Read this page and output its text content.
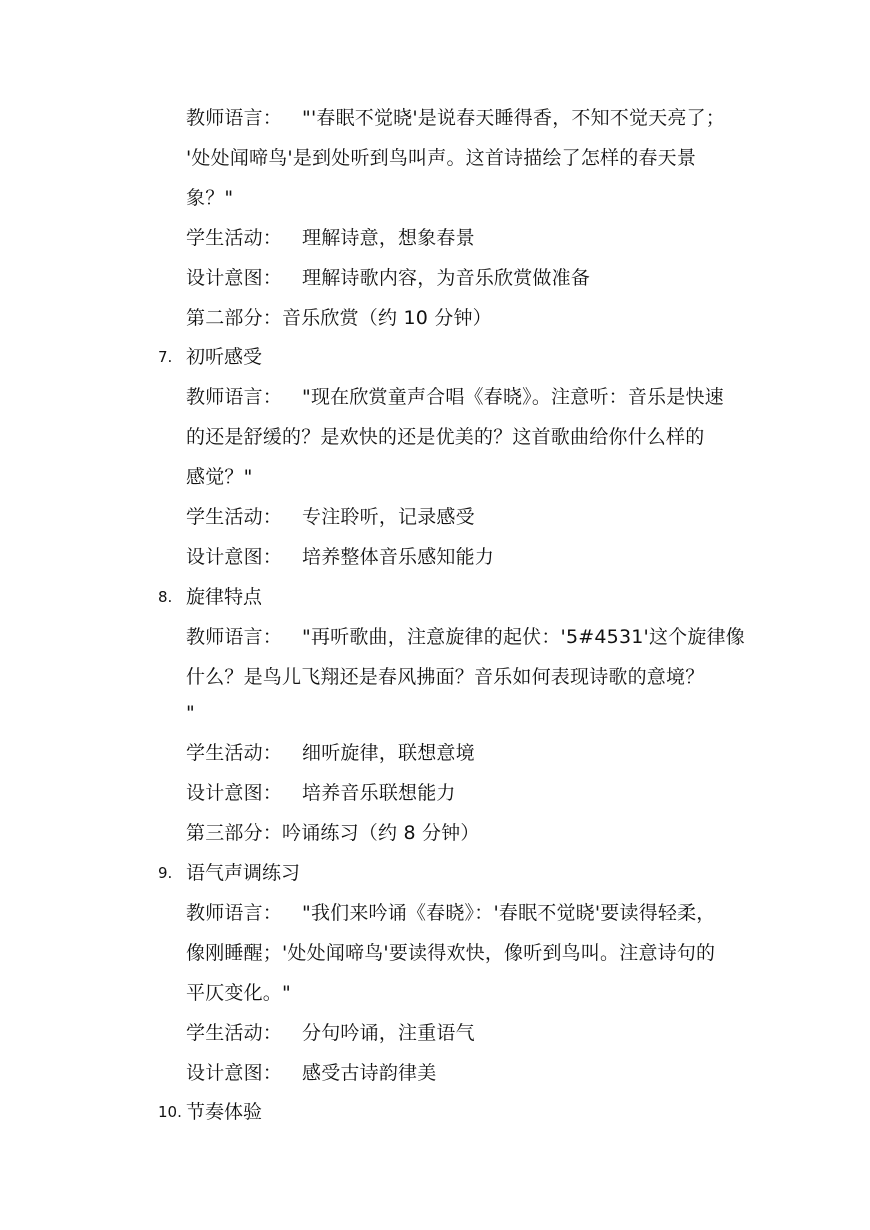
教师语言： "'春眠不觉晓'是说春天睡得香，不知不觉天亮了；
'处处闻啼鸟'是到处听到鸟叫声。这首诗描绘了怎样的春天景
象？"
学生活动： 理解诗意，想象春景
设计意图： 理解诗歌内容，为音乐欣赏做准备
第二部分：音乐欣赏（约 10 分钟）
7. 初听感受
教师语言： "现在欣赏童声合唱《春晓》。注意听：音乐是快速
的还是舒缓的？是欢快的还是优美的？这首歌曲给你什么样的
感觉？"
学生活动： 专注聆听，记录感受
设计意图： 培养整体音乐感知能力
8. 旋律特点
教师语言： "再听歌曲，注意旋律的起伏：'5#4531'这个旋律像
什么？是鸟儿飞翔还是春风拂面？音乐如何表现诗歌的意境？
"
学生活动： 细听旋律，联想意境
设计意图： 培养音乐联想能力
第三部分：吟诵练习（约 8 分钟）
9. 语气声调练习
教师语言： "我们来吟诵《春晓》：'春眠不觉晓'要读得轻柔，
像刚睡醒；'处处闻啼鸟'要读得欢快，像听到鸟叫。注意诗句的
平仄变化。"
学生活动： 分句吟诵，注重语气
设计意图： 感受古诗韵律美
10. 节奏体验
